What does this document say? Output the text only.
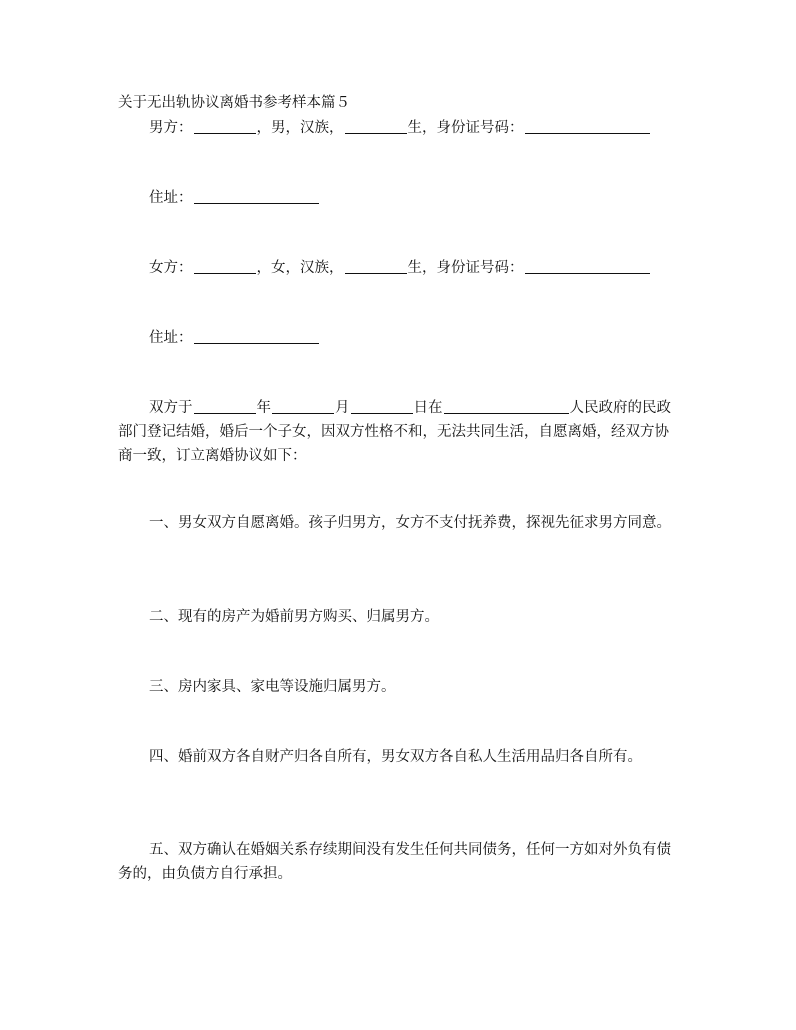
关于无出轨协议离婚书参考样本篇５
男方：	，男，汉族，	生，身份证号码：
住址：
女方：	，女，汉族，	生，身份证号码：
住址：
双方于	年	月	日在	人民政府的民政部门登记结婚，婚后一个子女，因双方性格不和，无法共同生活，自愿离婚，经双方协商一致，订立离婚协议如下：
一、男女双方自愿离婚。孩子归男方，女方不支付抚养费，探视先征求男方同意。
二、现有的房产为婚前男方购买、归属男方。
三、房内家具、家电等设施归属男方。
四、婚前双方各自财产归各自所有，男女双方各自私人生活用品归各自所有。
五、双方确认在婚姻关系存续期间没有发生任何共同债务，任何一方如对外负有债务的，由负债方自行承担。
